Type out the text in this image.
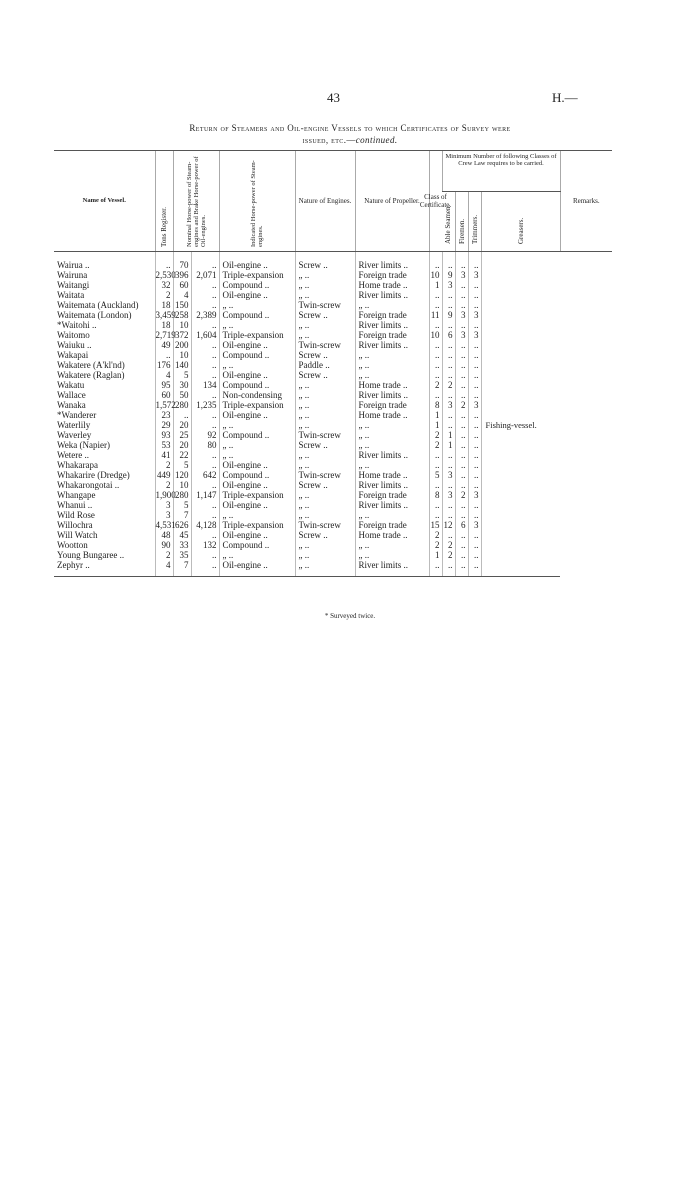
43	H.—
Return of Steamers and Oil-engine Vessels to which Certificates of Survey were
issued, etc.—continued.
Name of Vessel.	Tons Register.	Nominal Horse-power of Steam-engines and Brake Horse-power of Oil-engines.		Indicated Horse-power of Steam-engines.	Nature of Engines.	Nature of Propeller.	Class of Certificate.	Minimum Number of following Classes of Crew Law requires to be carried.				Remarks.

								Able Seamen.	Firemen.	Trimmers.	Greasers.	
Wairua ..	..	70	..	Oil-engine ..	Screw ..	River limits ..	..	..	..	..		
Wairuna	2,530	396	2,071	Triple-expansion	„ ..	Foreign trade	10	9	3	3		
Waitangi	32	60	..	Compound ..	„ ..	Home trade ..	1	3	..	..		
Waitata	2	4	..	Oil-engine ..	„ ..	River limits ..	..	..	..	..		
Waitemata (Auckland)	18	150	..	„ ..	Twin-screw	„ ..	..	..	..	..		
Waitemata (London)	3,459	258	2,389	Compound ..	Screw ..	Foreign trade	11	9	3	3		
*Waitohi ..	18	10	..	„ ..	„ ..	River limits ..	..	..	..	..		
Waitomo	2,719	372	1,604	Triple-expansion	„ ..	Foreign trade	10	6	3	3		
Waiuku ..	49	200	..	Oil-engine ..	Twin-screw	River limits ..	..	..	..	..		
Wakapai	..	10	..	Compound ..	Screw ..	„ ..	..	..	..	..		
Wakatere (A'kl'nd)	176	140	..	„ ..	Paddle ..	„ ..	..	..	..	..		
Wakatere (Raglan)	4	5	..	Oil-engine ..	Screw ..	„ ..	..	..	..	..		
Wakatu	95	30	134	Compound ..	„ ..	Home trade ..	2	2	..	..		
Wallace	60	50	..	Non-condensing	„ ..	River limits ..	..	..	..	..		
Wanaka	1,572	280	1,235	Triple-expansion	„ ..	Foreign trade	8	3	2	3		
*Wanderer	23	..	..	Oil-engine ..	„ ..	Home trade ..	1	..	..	..		
Waterlily	29	20	..	„ ..	„ ..	„ ..	1	..	..	..	Fishing-vessel.	
Waverley	93	25	92	Compound ..	Twin-screw	„ ..	2	1	..	..		
Weka (Napier)	53	20	80	„ ..	Screw ..	„ ..	2	1	..	..		
Wetere ..	41	22	..	„ ..	„ ..	River limits ..	..	..	..	..		
Whakarapa	2	5	..	Oil-engine ..	„ ..	„ ..	..	..	..	..		
Whakarire (Dredge)	449	120	642	Compound ..	Twin-screw	Home trade ..	5	3	..	..		
Whakarongotai ..	2	10	..	Oil-engine ..	Screw ..	River limits ..	..	..	..	..		
Whangape	1,900	280	1,147	Triple-expansion	„ ..	Foreign trade	8	3	2	3		
Whanui ..	3	5	..	Oil-engine ..	„ ..	River limits ..	..	..	..	..		
Wild Rose	3	7	..	„ ..	„ ..	„ ..	..	..	..	..		
Willochra	4,531	626	4,128	Triple-expansion	Twin-screw	Foreign trade	15	12	6	3		
Will Watch	48	45	..	Oil-engine ..	Screw ..	Home trade ..	2	..	..	..		
Wootton	90	33	132	Compound ..	„ ..	„ ..	2	2	..	..		
Young Bungaree ..	2	35	..	„ ..	„ ..	„ ..	1	2	..	..		
Zephyr ..	4	7	..	Oil-engine ..	„ ..	River limits ..	..	..	..	..		
* Surveyed twice.
